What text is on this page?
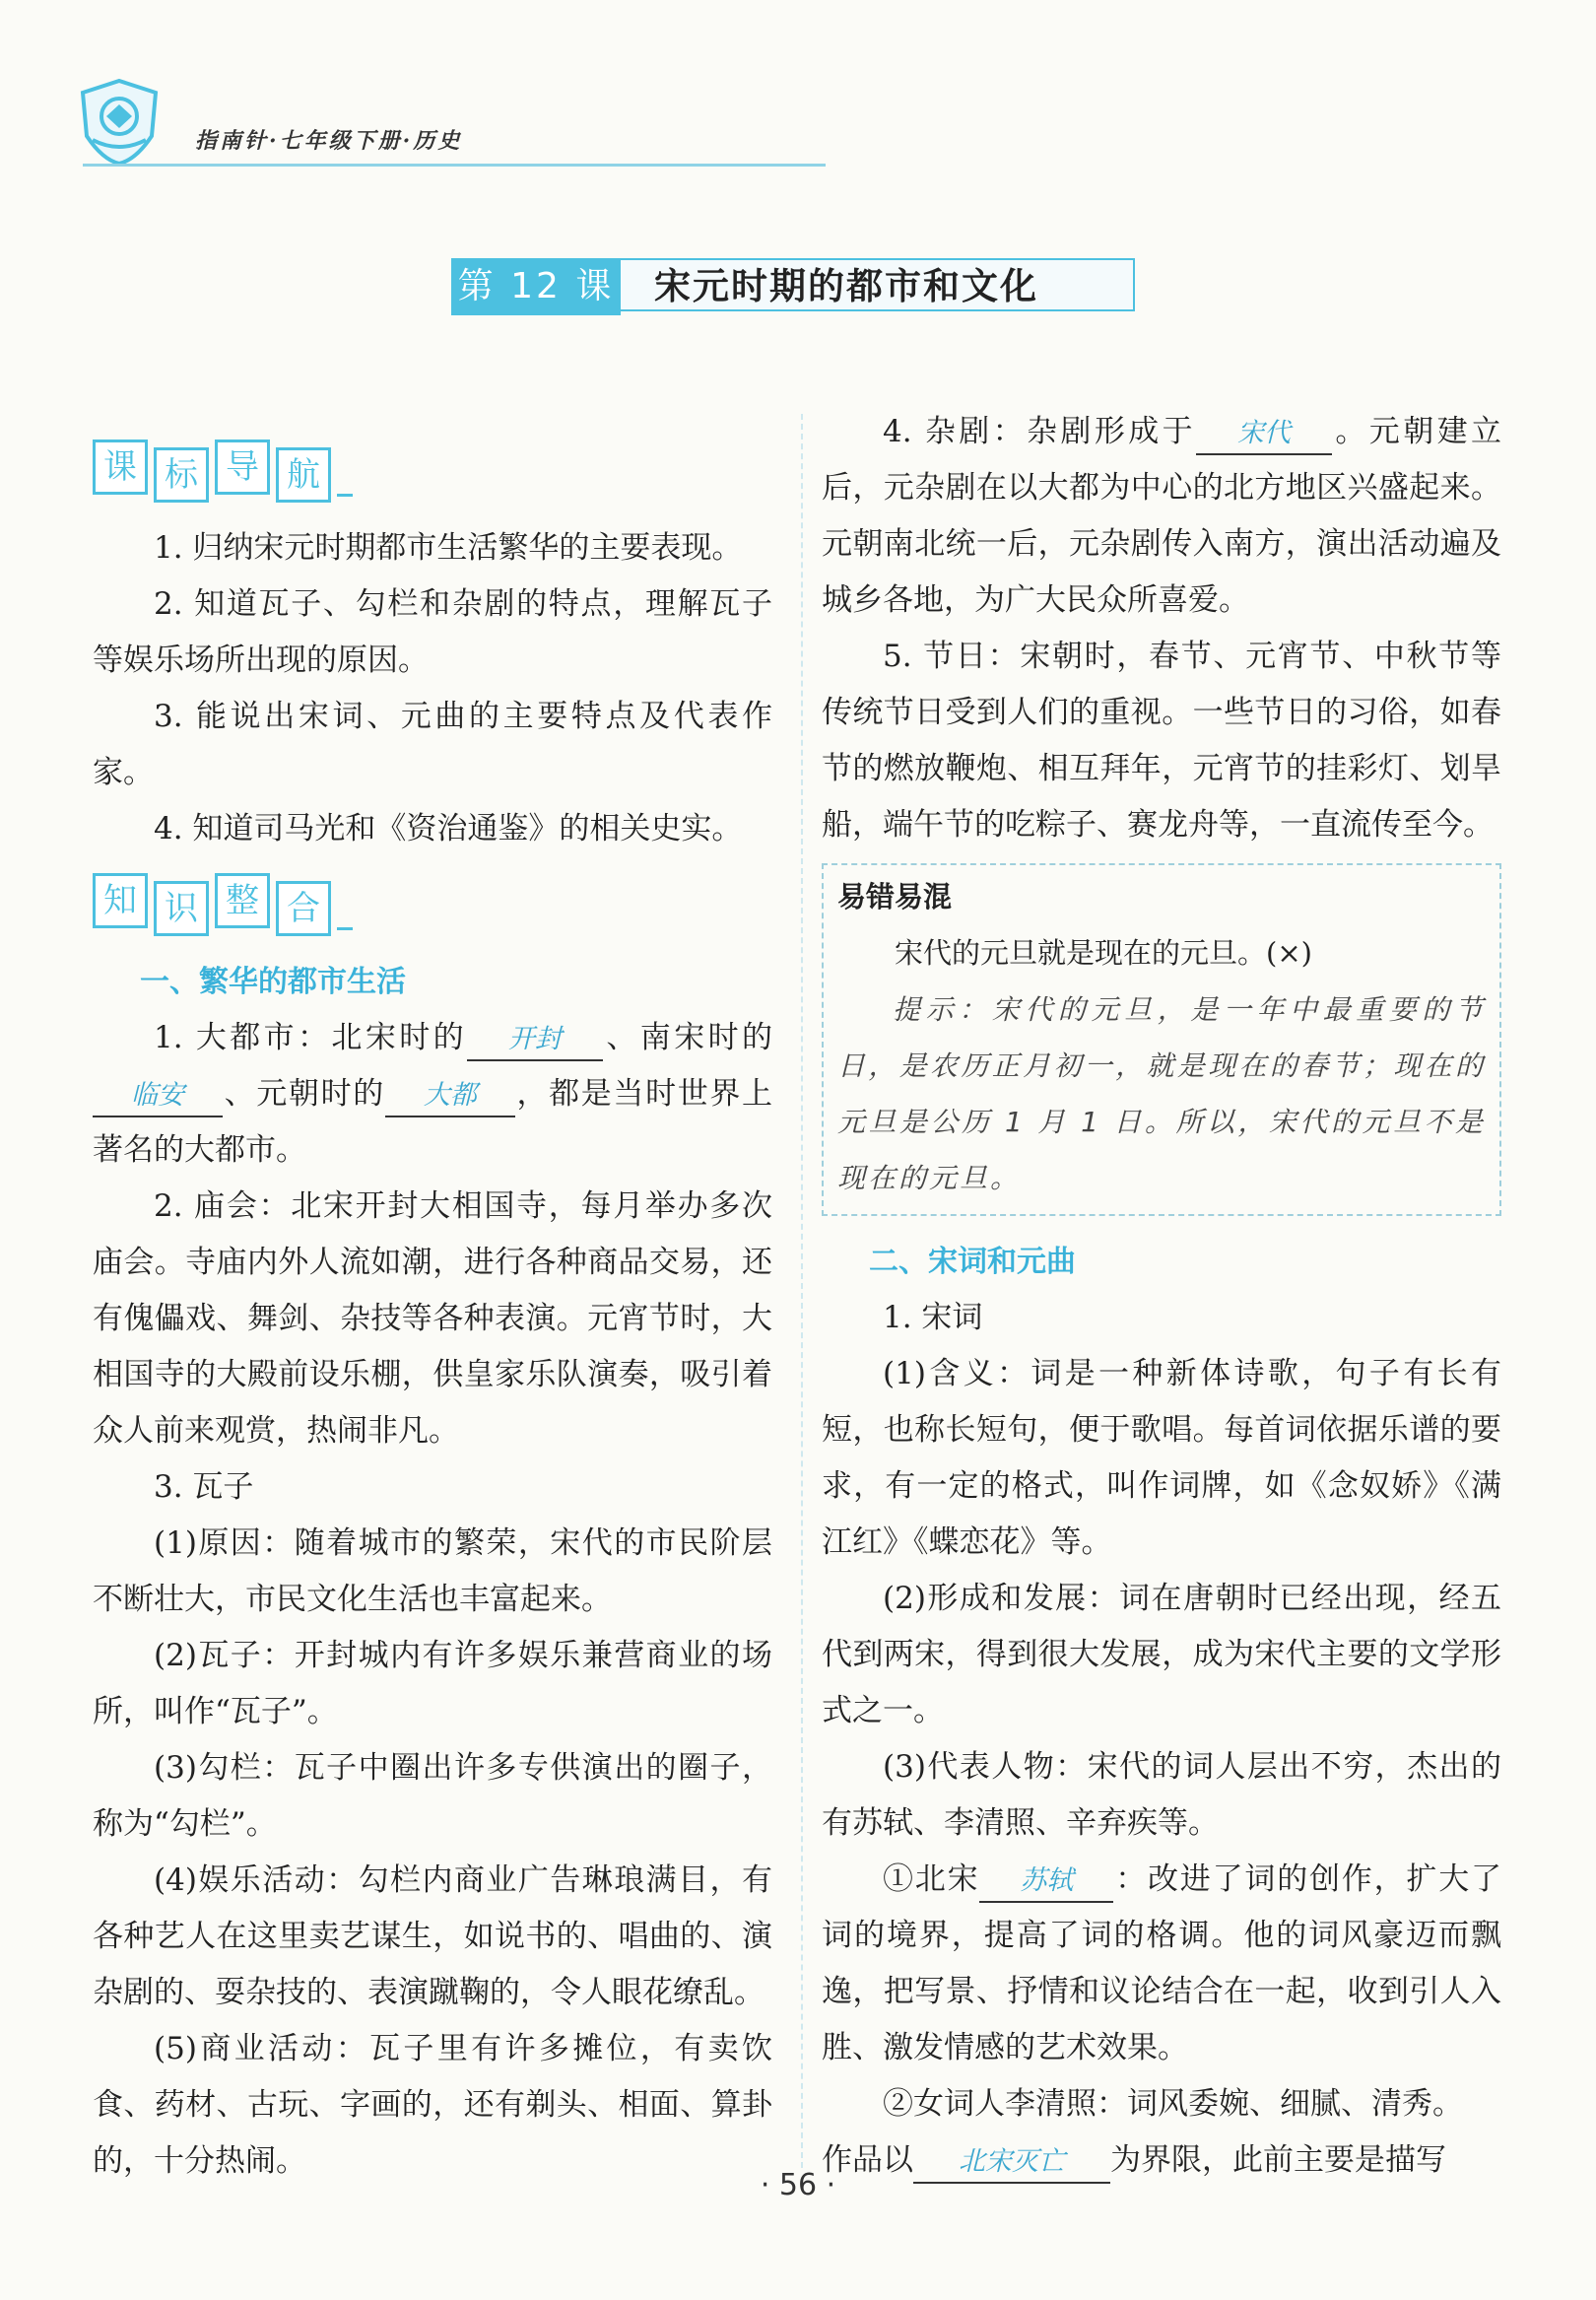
指南针·七年级下册·历史
第 12 课	宋元时期的都市和文化
课 标 导 航

1. 归纳宋元时期都市生活繁华的主要表现。

2. 知道瓦子、勾栏和杂剧的特点，理解瓦子等娱乐场所出现的原因。

3. 能说出宋词、元曲的主要特点及代表作家。

4. 知道司马光和《资治通鉴》的相关史实。

知 识 整 合
一、繁华的都市生活

1. 大都市：北宋时的 开封 、南宋时的临安 、元朝时的 大都 ，都是当时世界上著名的大都市。

2. 庙会：北宋开封大相国寺，每月举办多次庙会。寺庙内外人流如潮，进行各种商品交易，还有傀儡戏、舞剑、杂技等各种表演。元宵节时，大相国寺的大殿前设乐棚，供皇家乐队演奏，吸引着众人前来观赏，热闹非凡。

3. 瓦子

(1)原因：随着城市的繁荣，宋代的市民阶层不断壮大，市民文化生活也丰富起来。

(2)瓦子：开封城内有许多娱乐兼营商业的场所，叫作“瓦子”。

(3)勾栏：瓦子中圈出许多专供演出的圈子，称为“勾栏”。

(4)娱乐活动：勾栏内商业广告琳琅满目，有各种艺人在这里卖艺谋生，如说书的、唱曲的、演杂剧的、耍杂技的、表演蹴鞠的，令人眼花缭乱。

(5)商业活动：瓦子里有许多摊位，有卖饮食、药材、古玩、字画的，还有剃头、相面、算卦的，十分热闹。

4. 杂剧：杂剧形成于 宋代 。元朝建立后，元杂剧在以大都为中心的北方地区兴盛起来。元朝南北统一后，元杂剧传入南方，演出活动遍及城乡各地，为广大民众所喜爱。

5. 节日：宋朝时，春节、元宵节、中秋节等传统节日受到人们的重视。一些节日的习俗，如春节的燃放鞭炮、相互拜年，元宵节的挂彩灯、划旱船，端午节的吃粽子、赛龙舟等，一直流传至今。

易错易混

宋代的元旦就是现在的元旦。(×)

提示：宋代的元旦，是一年中最重要的节日，是农历正月初一，就是现在的春节；现在的元旦是公历 1 月 1 日。所以，宋代的元旦不是现在的元旦。

二、宋词和元曲

1. 宋词

(1)含义：词是一种新体诗歌，句子有长有短，也称长短句，便于歌唱。每首词依据乐谱的要求，有一定的格式，叫作词牌，如《念奴娇》《满江红》《蝶恋花》等。

(2)形成和发展：词在唐朝时已经出现，经五代到两宋，得到很大发展，成为宋代主要的文学形式之一。

(3)代表人物：宋代的词人层出不穷，杰出的有苏轼、李清照、辛弃疾等。

①北宋 苏轼 ：改进了词的创作，扩大了词的境界，提高了词的格调。他的词风豪迈而飘逸，把写景、抒情和议论结合在一起，收到引人入胜、激发情感的艺术效果。

②女词人李清照：词风委婉、细腻、清秀。

作品以 北宋灭亡 为界限，此前主要是描写

· 56 ·
